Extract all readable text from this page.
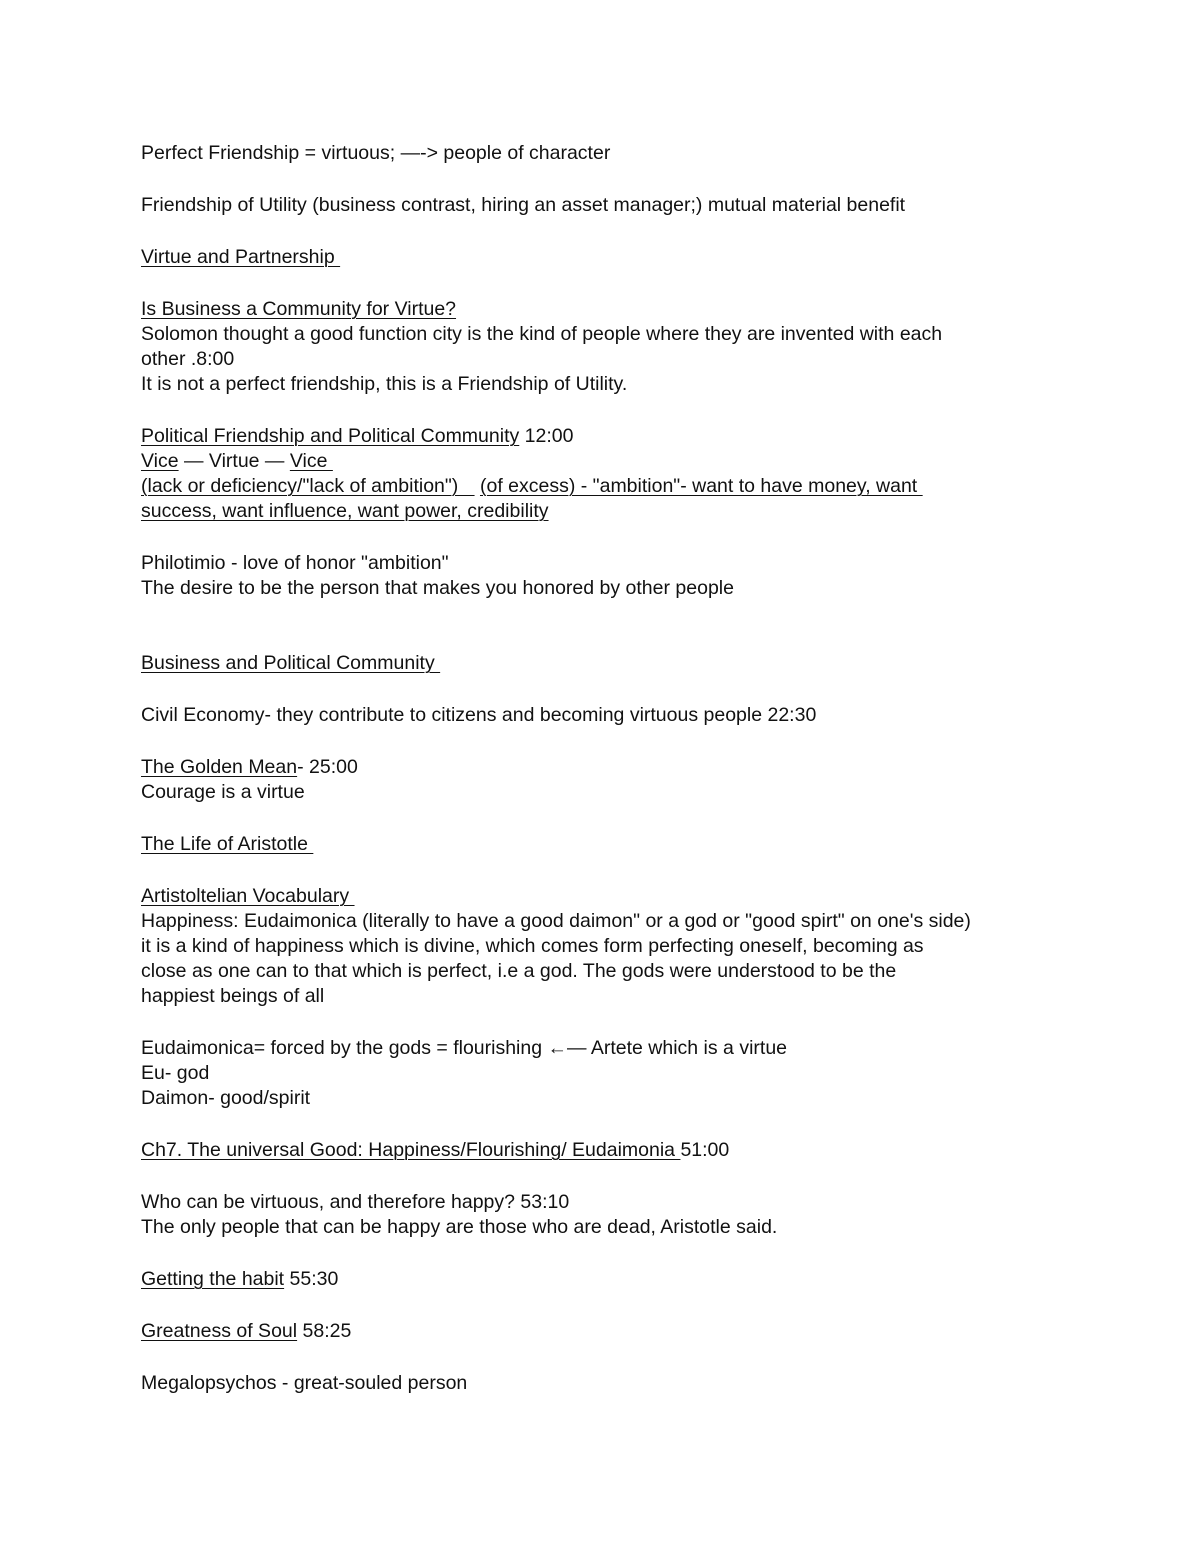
Perfect Friendship = virtuous; —-> people of character

Friendship of Utility (business contrast, hiring an asset manager;) mutual material benefit

Virtue and Partnership

Is Business a Community for Virtue?

Solomon thought a good function city is the kind of people where they are invented with each

other .8:00

It is not a perfect friendship, this is a Friendship of Utility.

Political Friendship and Political Community 12:00

Vice — Virtue — Vice

(lack or deficiency/"lack of ambition")    (of excess) - "ambition"- want to have money, want

success, want influence, want power, credibility

Philotimio - love of honor "ambition"

The desire to be the person that makes you honored by other people

Business and Political Community

Civil Economy- they contribute to citizens and becoming virtuous people 22:30

The Golden Mean- 25:00

Courage is a virtue

The Life of Aristotle

Artistoltelian Vocabulary

Happiness: Eudaimonica (literally to have a good daimon" or a god or "good spirt" on one's side)

it is a kind of happiness which is divine, which comes form perfecting oneself, becoming as

close as one can to that which is perfect, i.e a god. The gods were understood to be the

happiest beings of all

Eudaimonica= forced by the gods = flourishing ←— Artete which is a virtue

Eu- god

Daimon- good/spirit

Ch7. The universal Good: Happiness/Flourishing/ Eudaimonia 51:00

Who can be virtuous, and therefore happy? 53:10

The only people that can be happy are those who are dead, Aristotle said.

Getting the habit 55:30

Greatness of Soul 58:25

Megalopsychos - great-souled person
